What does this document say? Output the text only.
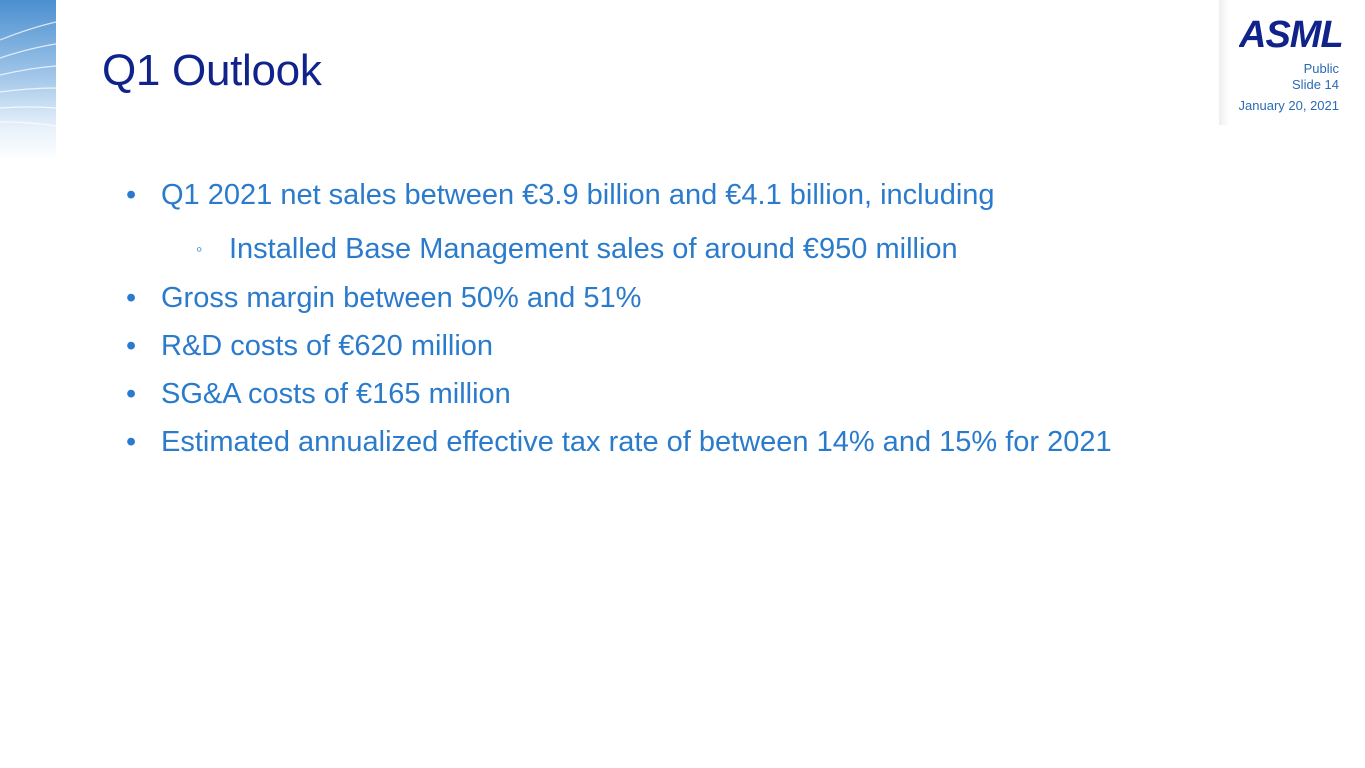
Q1 Outlook
ASML
Public
Slide 14
January 20, 2021
• Q1 2021 net sales between €3.9 billion and €4.1 billion, including
◦ Installed Base Management sales of around €950 million
• Gross margin between 50% and 51%
• R&D costs of €620 million
• SG&A costs of €165 million
• Estimated annualized effective tax rate of between 14% and 15% for 2021
